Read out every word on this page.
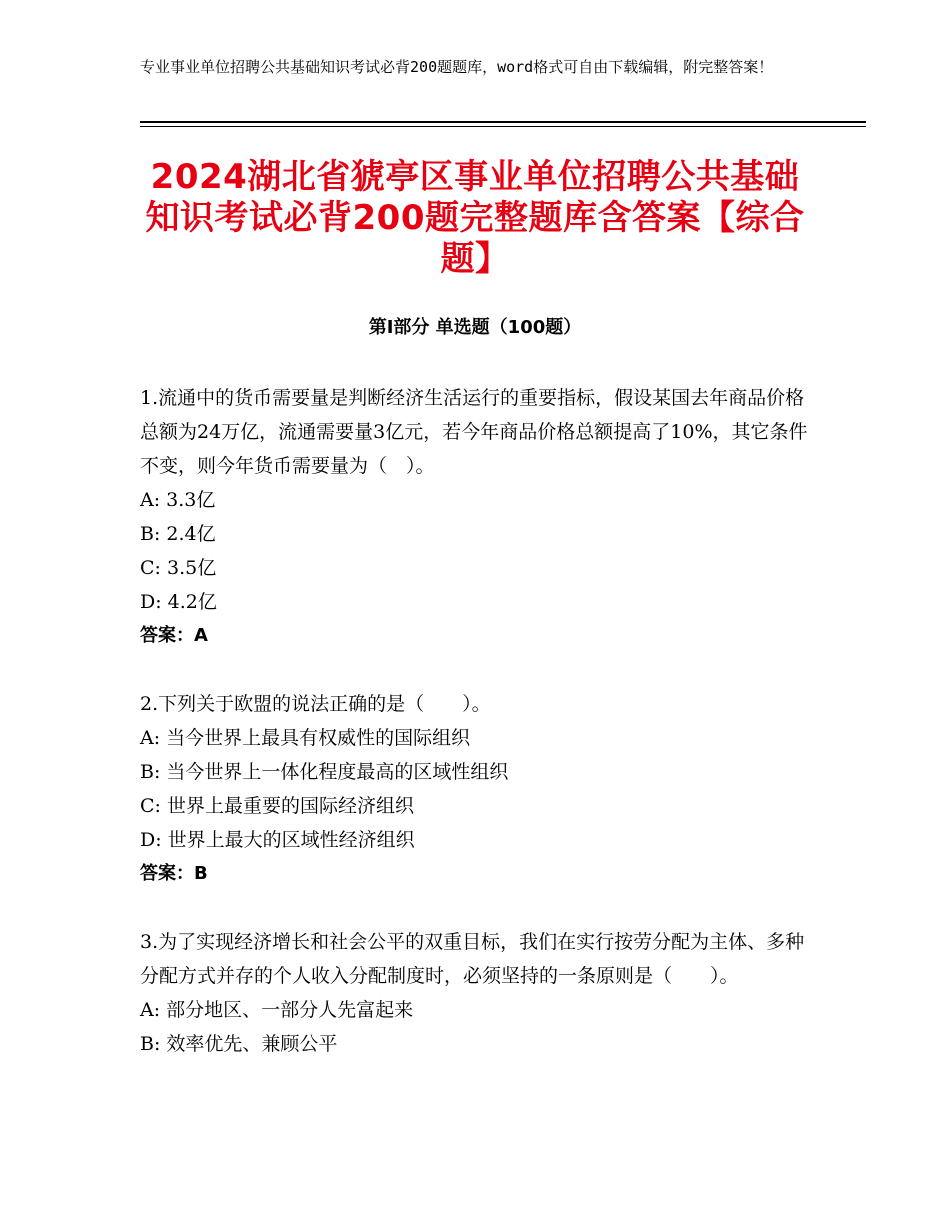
专业事业单位招聘公共基础知识考试必背200题题库，word格式可自由下载编辑，附完整答案！
2024湖北省猇亭区事业单位招聘公共基础知识考试必背200题完整题库含答案【综合题】
第Ⅰ部分 单选题（100题）

1.流通中的货币需要量是判断经济生活运行的重要指标，假设某国去年商品价格总额为24万亿，流通需要量3亿元，若今年商品价格总额提高了10%，其它条件不变，则今年货币需要量为（　）。

A: 3.3亿

B: 2.4亿

C: 3.5亿

D: 4.2亿

答案：A

2.下列关于欧盟的说法正确的是（　　）。

A: 当今世界上最具有权威性的国际组织

B: 当今世界上一体化程度最高的区域性组织

C: 世界上最重要的国际经济组织

D: 世界上最大的区域性经济组织

答案：B

3.为了实现经济增长和社会公平的双重目标，我们在实行按劳分配为主体、多种分配方式并存的个人收入分配制度时，必须坚持的一条原则是（　　）。

A: 部分地区、一部分人先富起来

B: 效率优先、兼顾公平
